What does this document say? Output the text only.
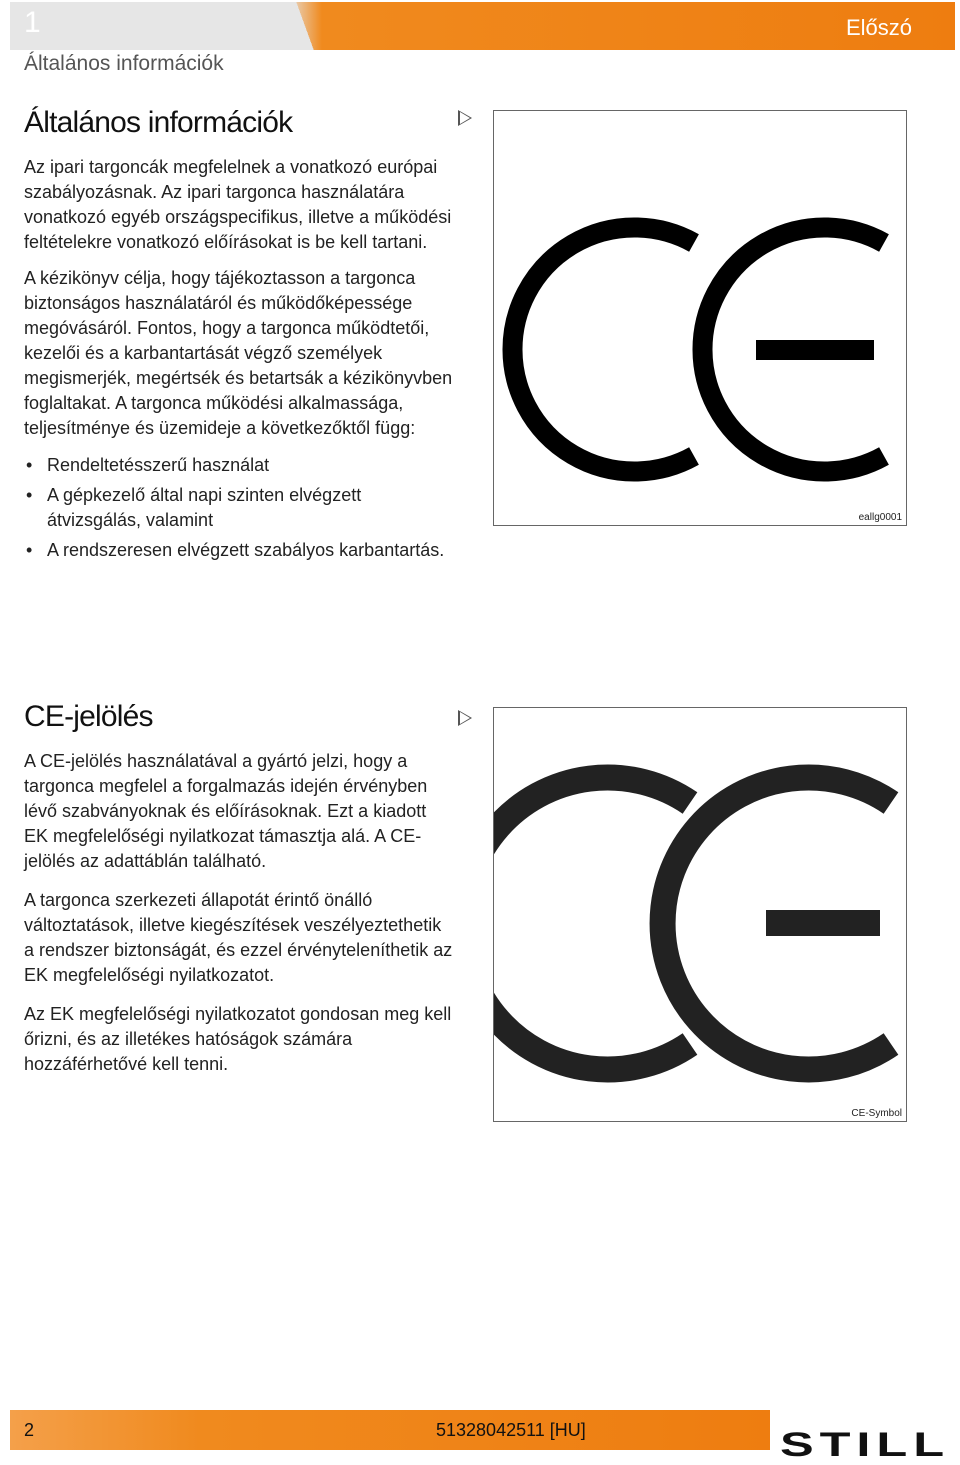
1	Előszó
Általános információk
Általános információk

Az ipari targoncák megfelelnek a vonatkozó európai szabályozásnak. Az ipari targonca használatára vonatkozó egyéb országspecifikus, illetve a működési feltételekre vonatkozó előírásokat is be kell tartani.

A kézikönyv célja, hogy tájékoztasson a targonca biztonságos használatáról és működőképessége megóvásáról. Fontos, hogy a targonca működtetői, kezelői és a karbantartását végző személyek megismerjék, megértsék és betartsák a kézikönyvben foglaltakat. A targonca működési alkalmassága, teljesítménye és üzemideje a következőktől függ:

• Rendeltetésszerű használat
• A gépkezelő által napi szinten elvégzett átvizsgálás, valamint
• A rendszeresen elvégzett szabályos karbantartás.
eallg0001
CE-jelölés

A CE-jelölés használatával a gyártó jelzi, hogy a targonca megfelel a forgalmazás idején érvényben lévő szabványoknak és előírásoknak. Ezt a kiadott EK megfelelőségi nyilatkozat támasztja alá. A CE-jelölés az adattáblán található.

A targonca szerkezeti állapotát érintő önálló változtatások, illetve kiegészítések veszélyeztethetik a rendszer biztonságát, és ezzel érvényteleníthetik az EK megfelelőségi nyilatkozatot.

Az EK megfelelőségi nyilatkozatot gondosan meg kell őrizni, és az illetékes hatóságok számára hozzáférhetővé kell tenni.

CE-Symbol
2	51328042511 [HU]	STILL
